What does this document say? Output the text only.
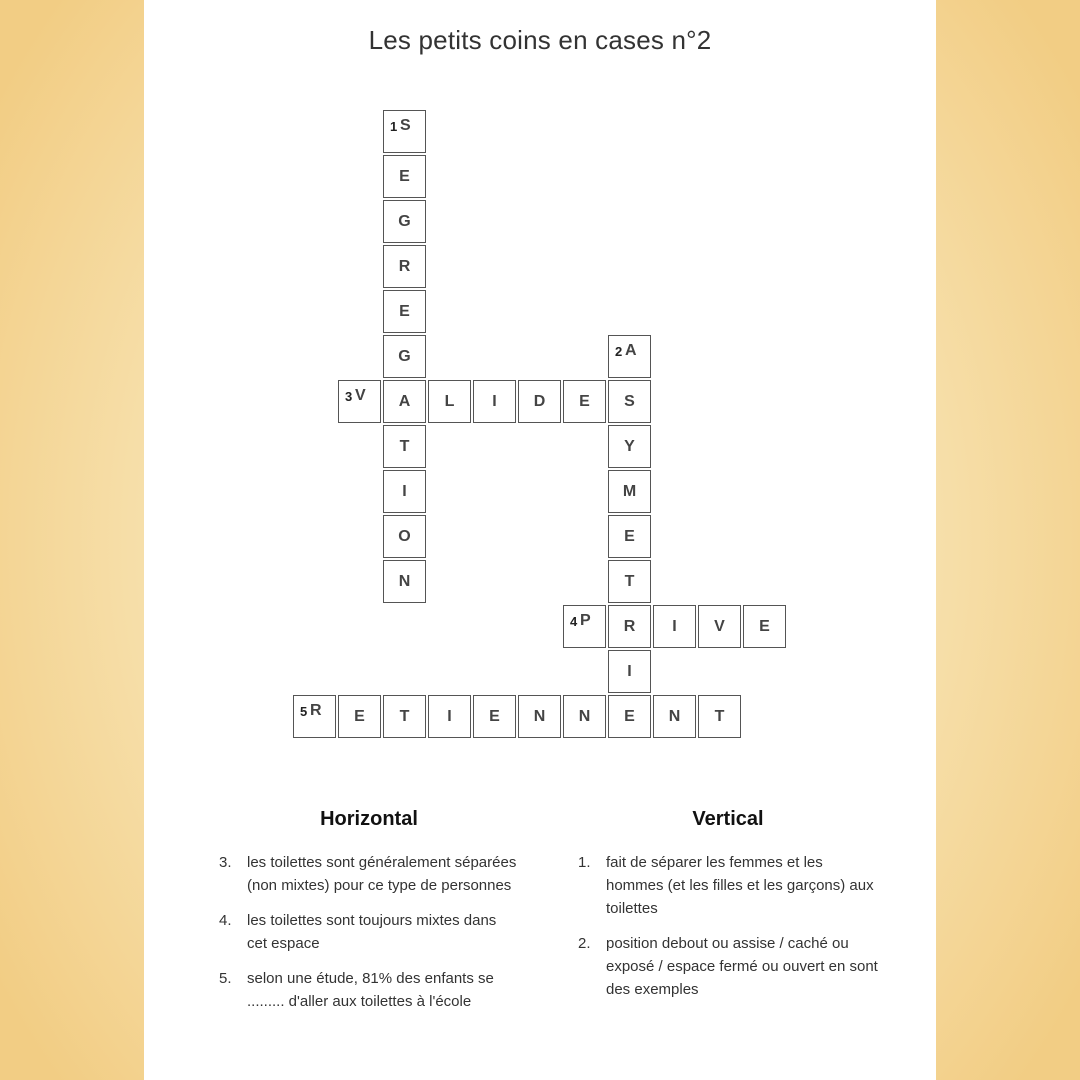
Les petits coins en cases n°2
1 S
E
G
R
E
G
A
T
I
O
N
2 A
S
Y
M
E
T
R
I
E
3 V	L	I	D	E
4 P	I	V	E
5 R	E	T	I	E	N	N	N	T
Horizontal
3. les toilettes sont généralement séparées (non mixtes) pour ce type de personnes
4. les toilettes sont toujours mixtes dans cet espace
5. selon une étude, 81% des enfants se ......... d'aller aux toilettes à l'école
Vertical
1. fait de séparer les femmes et les hommes (et les filles et les garçons) aux toilettes
2. position debout ou assise / caché ou exposé / espace fermé ou ouvert en sont des exemples
